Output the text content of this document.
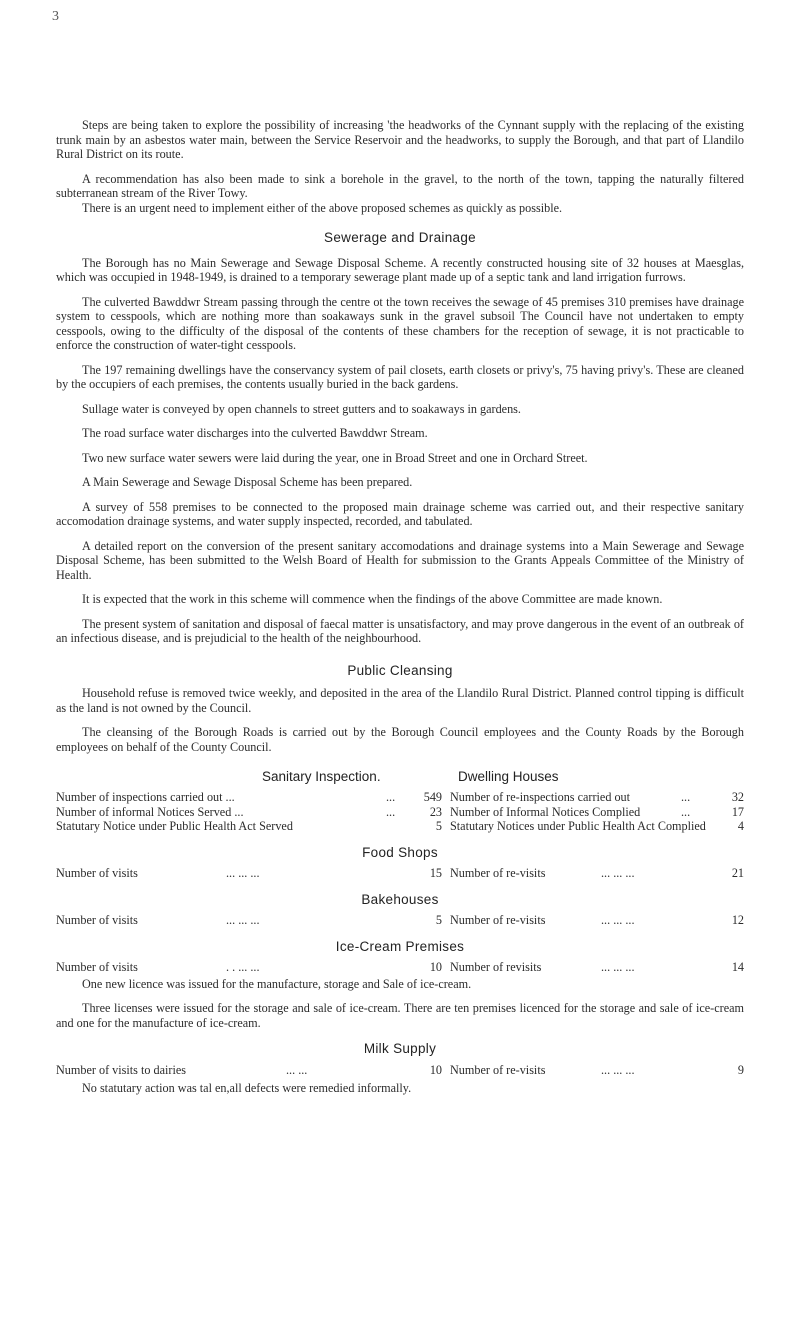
3

Steps are being taken to explore the possibility of increasing 'the headworks of the Cynnant supply with the replacing of the existing trunk main by an asbestos water main, between the Service Reservoir and the headworks, to supply the Borough, and that part of Llandilo Rural District on its route.

A recommendation has also been made to sink a borehole in the gravel, to the north of the town, tapping the naturally filtered subterranean stream of the River Towy.

There is an urgent need to implement either of the above proposed schemes as quickly as possible.

Sewerage and Drainage

The Borough has no Main Sewerage and Sewage Disposal Scheme. A recently constructed housing site of 32 houses at Maesglas, which was occupied in 1948-1949, is drained to a temporary sewerage plant made up of a septic tank and land irrigation furrows.

The culverted Bawddwr Stream passing through the centre ot the town receives the sewage of 45 premises 310 premises have drainage system to cesspools, which are nothing more than soakaways sunk in the gravel subsoil The Council have not undertaken to empty cesspools, owing to the difficulty of the disposal of the contents of these chambers for the reception of sewage, it is not practicable to enforce the construction of water-tight cesspools.

The 197 remaining dwellings have the conservancy system of pail closets, earth closets or privy's, 75 having privy's. These are cleaned by the occupiers of each premises, the contents usually buried in the back gardens.

Sullage water is conveyed by open channels to street gutters and to soakaways in gardens.

The road surface water discharges into the culverted Bawddwr Stream.

Two new surface water sewers were laid during the year, one in Broad Street and one in Orchard Street.

A Main Sewerage and Sewage Disposal Scheme has been prepared.

A survey of 558 premises to be connected to the proposed main drainage scheme was carried out, and their respective sanitary accomodation drainage systems, and water supply inspected, recorded, and tabulated.

A detailed report on the conversion of the present sanitary accomodations and drainage systems into a Main Sewerage and Sewage Disposal Scheme, has been submitted to the Welsh Board of Health for submission to the Grants Appeals Committee of the Ministry of Health.

It is expected that the work in this scheme will commence when the findings of the above Committee are made known.

The present system of sanitation and disposal of faecal matter is unsatisfactory, and may prove dangerous in the event of an outbreak of an infectious disease, and is prejudicial to the health of the neighbourhood.

Public Cleansing

Household refuse is removed twice weekly, and deposited in the area of the Llandilo Rural District. Planned control tipping is difficult as the land is not owned by the Council.

The cleansing of the Borough Roads is carried out by the Borough Council employees and the County Roads by the Borough employees on behalf of the County Council.

Sanitary Inspection.	Dwelling Houses
Number of inspections carried out ...	...	549 Number of re-inspections carried out	...	32
Number of informal Notices Served ...	...	23 Number of Informal Notices Complied	...	17
Statutary Notice under Public Health Act Served	5 Statutary Notices under Public Health Act Complied	4
Food Shops
Number of visits	... ... ...	15 Number of re-visits	... ... ...	21
Bakehouses
Number of visits	... ... ...	5 Number of re-visits	... ... ...	12
Ice-Cream Premises
Number of visits	. . ... ...	10 Number of revisits	... ... ...	14

One new licence was issued for the manufacture, storage and Sale of ice-cream.

Three licenses were issued for the storage and sale of ice-cream. There are ten premises licenced for the storage and sale of ice-cream and one for the manufacture of ice-cream.

Milk Supply
Number of visits to dairies	... ...	10 Number of re-visits	... ... ...	9

No statutary action was tal en,all defects were remedied informally.
